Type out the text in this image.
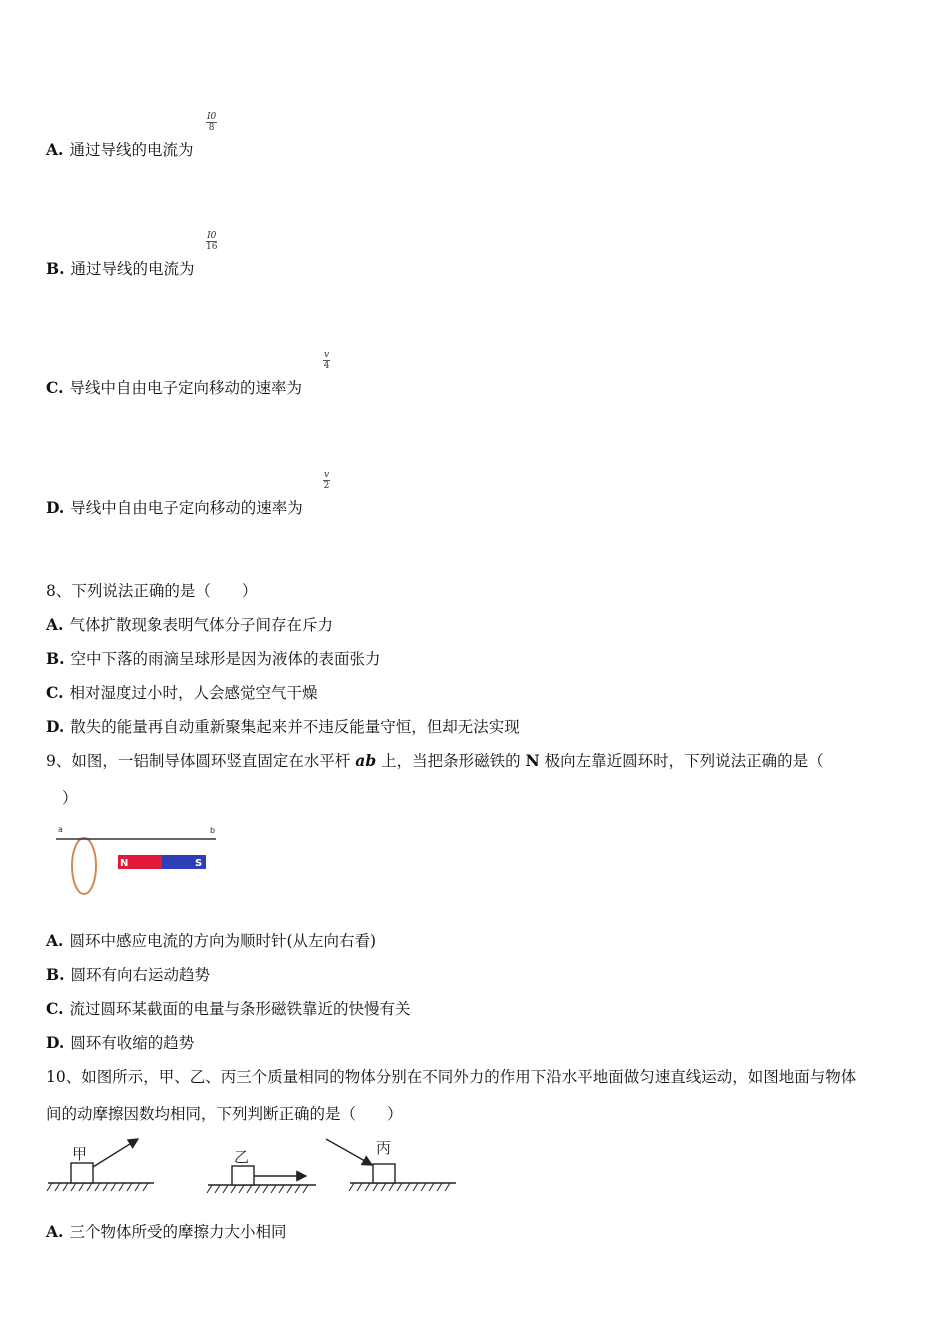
A. 通过导线的电流为
$\frac{I0}{8}$
B. 通过导线的电流为
$\frac{I0}{16}$
C. 导线中自由电子定向移动的速率为
$\frac{v}{4}$
D. 导线中自由电子定向移动的速率为
$\frac{v}{2}$
8、下列说法正确的是（　　）
A. 气体扩散现象表明气体分子间存在斥力
B. 空中下落的雨滴呈球形是因为液体的表面张力
C. 相对湿度过小时，人会感觉空气干燥
D. 散失的能量再自动重新聚集起来并不违反能量守恒，但却无法实现
9、如图，一铝制导体圆环竖直固定在水平杆 ab 上，当把条形磁铁的 N 极向左靠近圆环时，下列说法正确的是（
）
a	b
N	S
A. 圆环中感应电流的方向为顺时针(从左向右看)
B. 圆环有向右运动趋势
C. 流过圆环某截面的电量与条形磁铁靠近的快慢有关
D. 圆环有收缩的趋势
10、如图所示，甲、乙、丙三个质量相同的物体分别在不同外力的作用下沿水平地面做匀速直线运动，如图地面与物体
间的动摩擦因数均相同，下列判断正确的是（　　）
甲	乙	丙
A. 三个物体所受的摩擦力大小相同
